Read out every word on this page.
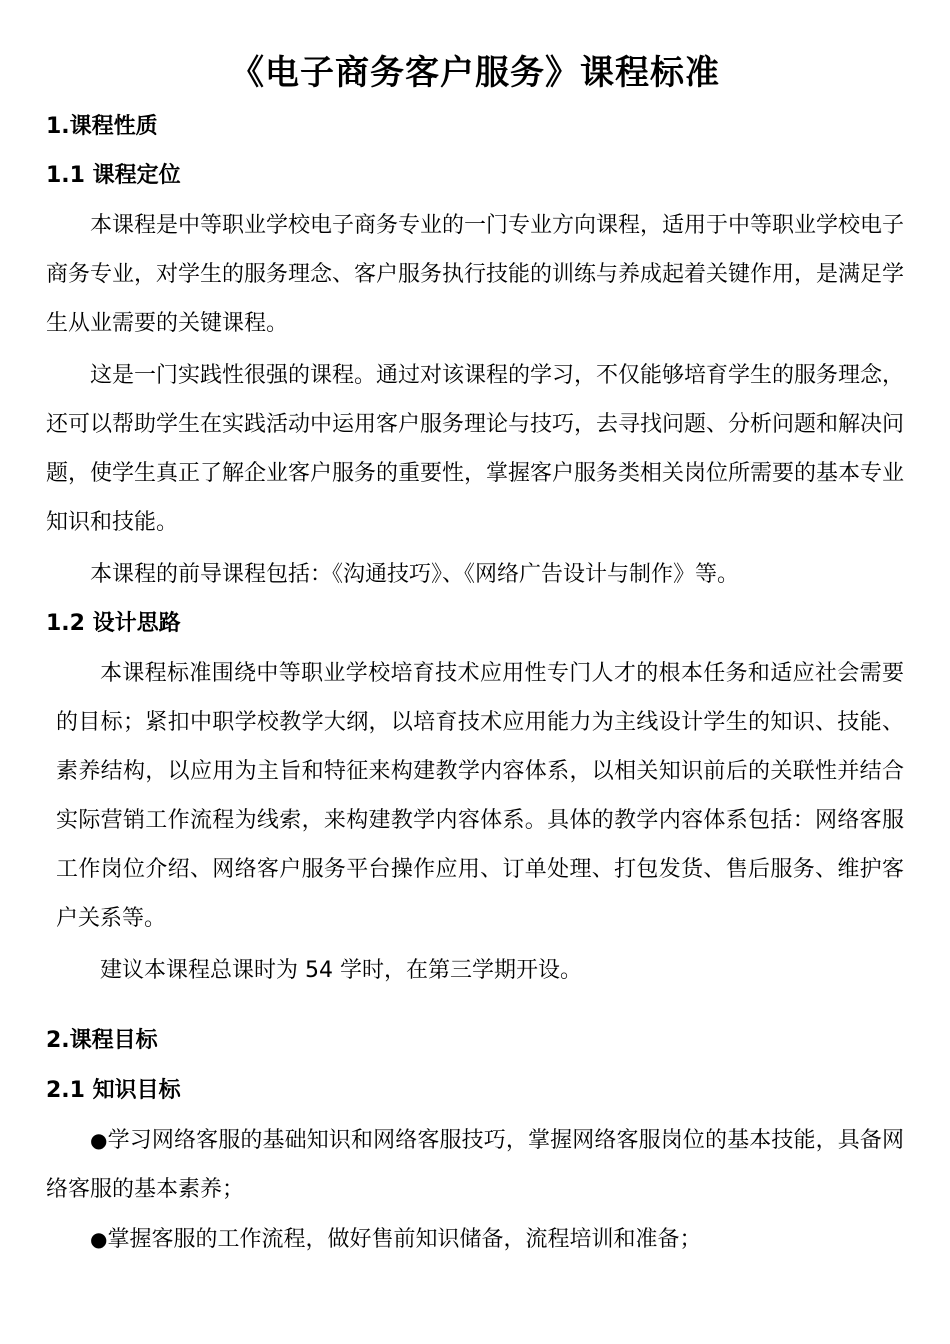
《电子商务客户服务》课程标准
1.课程性质
1.1 课程定位

本课程是中等职业学校电子商务专业的一门专业方向课程，适用于中等职业学校电子商务专业，对学生的服务理念、客户服务执行技能的训练与养成起着关键作用，是满足学生从业需要的关键课程。

这是一门实践性很强的课程。通过对该课程的学习，不仅能够培育学生的服务理念，还可以帮助学生在实践活动中运用客户服务理论与技巧，去寻找问题、分析问题和解决问题，使学生真正了解企业客户服务的重要性，掌握客户服务类相关岗位所需要的基本专业知识和技能。

本课程的前导课程包括：《沟通技巧》、《网络广告设计与制作》等。

1.2 设计思路

本课程标准围绕中等职业学校培育技术应用性专门人才的根本任务和适应社会需要的目标；紧扣中职学校教学大纲，以培育技术应用能力为主线设计学生的知识、技能、素养结构，以应用为主旨和特征来构建教学内容体系，以相关知识前后的关联性并结合实际营销工作流程为线索，来构建教学内容体系。具体的教学内容体系包括：网络客服工作岗位介绍、网络客户服务平台操作应用、订单处理、打包发货、售后服务、维护客户关系等。

建议本课程总课时为 54 学时，在第三学期开设。

2.课程目标
2.1 知识目标

●学习网络客服的基础知识和网络客服技巧，掌握网络客服岗位的基本技能，具备网络客服的基本素养；

●掌握客服的工作流程，做好售前知识储备，流程培训和准备；
